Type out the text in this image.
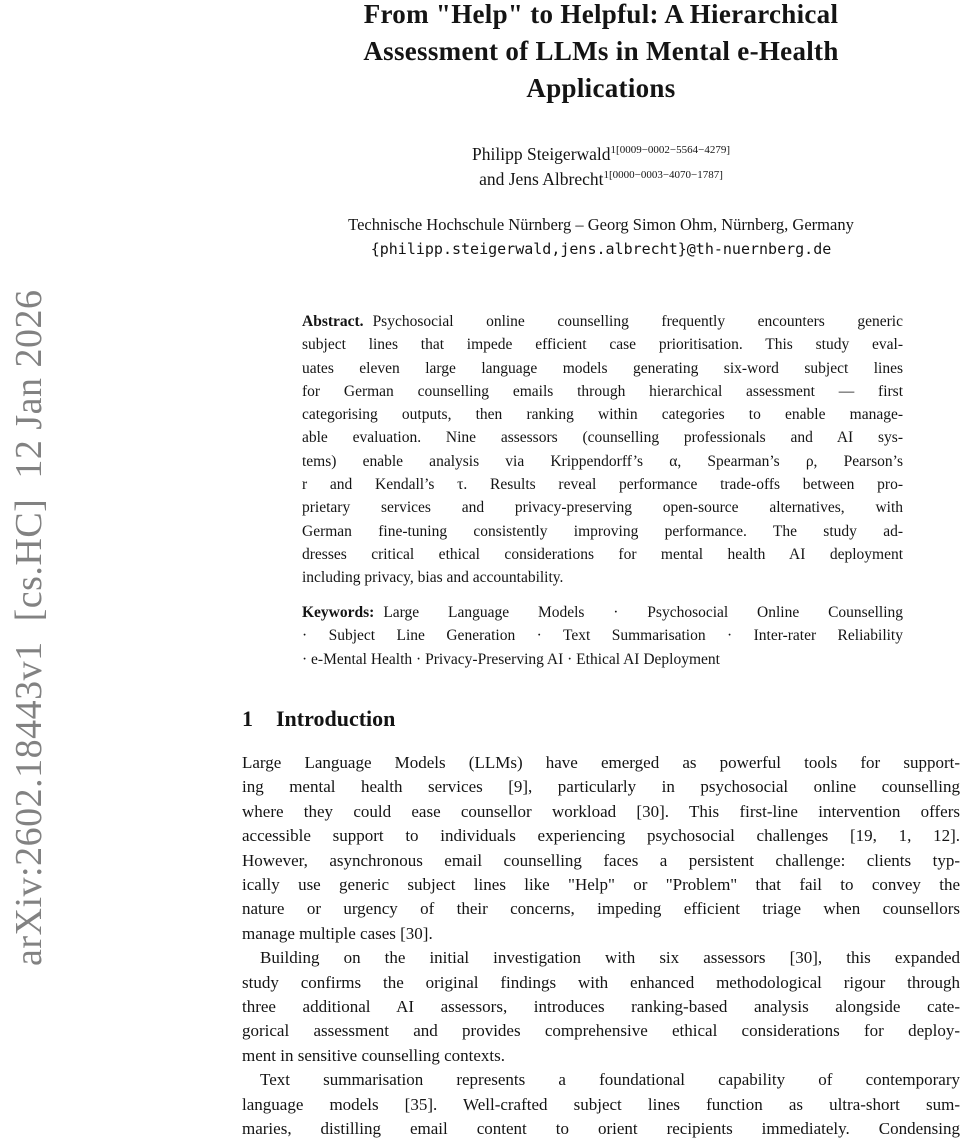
arXiv:2602.18443v1  [cs.HC]  12 Jan 2026
From "Help" to Helpful: A Hierarchical
Assessment of LLMs in Mental e-Health
Applications
Philipp Steigerwald$^{1[0009-0002-5564-4279]}$
and Jens Albrecht$^{1[0000-0003-4070-1787]}$
Technische Hochschule Nürnberg – Georg Simon Ohm, Nürnberg, Germany
{philipp.steigerwald,jens.albrecht}@th-nuernberg.de
Abstract. Psychosocial online counselling frequently encounters generic
subject lines that impede efficient case prioritisation. This study eval-
uates eleven large language models generating six-word subject lines
for German counselling emails through hierarchical assessment — first
categorising outputs, then ranking within categories to enable manage-
able evaluation. Nine assessors (counselling professionals and AI sys-
tems) enable analysis via Krippendorff’s α, Spearman’s ρ, Pearson’s
r and Kendall’s τ. Results reveal performance trade-offs between pro-
prietary services and privacy-preserving open-source alternatives, with
German fine-tuning consistently improving performance. The study ad-
dresses critical ethical considerations for mental health AI deployment
including privacy, bias and accountability.
Keywords: Large Language Models · Psychosocial Online Counselling
· Subject Line Generation · Text Summarisation · Inter-rater Reliability
· e-Mental Health · Privacy-Preserving AI · Ethical AI Deployment
1 Introduction
Large Language Models (LLMs) have emerged as powerful tools for support-
ing mental health services [9], particularly in psychosocial online counselling
where they could ease counsellor workload [30]. This first-line intervention offers
accessible support to individuals experiencing psychosocial challenges [19, 1, 12].
However, asynchronous email counselling faces a persistent challenge: clients typ-
ically use generic subject lines like "Help" or "Problem" that fail to convey the
nature or urgency of their concerns, impeding efficient triage when counsellors
manage multiple cases [30].
Building on the initial investigation with six assessors [30], this expanded
study confirms the original findings with enhanced methodological rigour through
three additional AI assessors, introduces ranking-based analysis alongside cate-
gorical assessment and provides comprehensive ethical considerations for deploy-
ment in sensitive counselling contexts.
Text summarisation represents a foundational capability of contemporary
language models [35]. Well-crafted subject lines function as ultra-short sum-
maries, distilling email content to orient recipients immediately. Condensing
